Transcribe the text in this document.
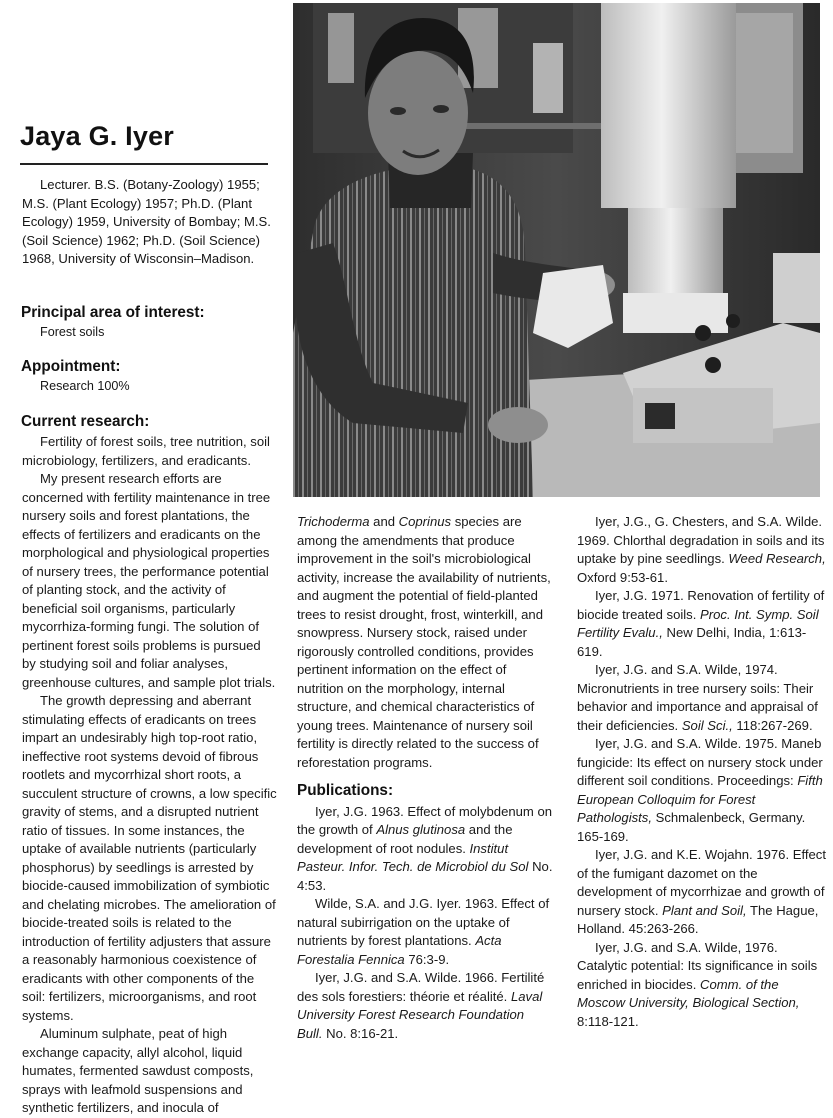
Jaya G. Iyer

Lecturer. B.S. (Botany-Zoology) 1955; M.S. (Plant Ecology) 1957; Ph.D. (Plant Ecology) 1959, University of Bombay; M.S. (Soil Science) 1962; Ph.D. (Soil Science) 1968, University of Wisconsin–Madison.

Principal area of interest:

Forest soils

Appointment:

Research 100%

Current research:

Fertility of forest soils, tree nutrition, soil microbiology, fertilizers, and eradicants.

My present research efforts are concerned with fertility maintenance in tree nursery soils and forest plantations, the effects of fertilizers and eradicants on the morphological and physiological properties of nursery trees, the performance potential of planting stock, and the activity of beneficial soil organisms, particularly mycorrhiza-forming fungi. The solution of pertinent forest soils problems is pursued by studying soil and foliar analyses, greenhouse cultures, and sample plot trials.

The growth depressing and aberrant stimulating effects of eradicants on trees impart an undesirably high top-root ratio, ineffective root systems devoid of fibrous rootlets and mycorrhizal short roots, a succulent structure of crowns, a low specific gravity of stems, and a disrupted nutrient ratio of tissues. In some instances, the uptake of available nutrients (particularly phosphorus) by seedlings is arrested by biocide-caused immobilization of symbiotic and chelating microbes. The amelioration of biocide-treated soils is related to the introduction of fertility adjusters that assure a reasonably harmonious coexistence of eradicants with other components of the soil: fertilizers, microorganisms, and root systems.

Aluminum sulphate, peat of high exchange capacity, allyl alcohol, liquid humates, fermented sawdust composts, sprays with leafmold suspensions and synthetic fertilizers, and inocula of

Trichoderma and Coprinus species are among the amendments that produce improvement in the soil's microbiological activity, increase the availability of nutrients, and augment the potential of field-planted trees to resist drought, frost, winterkill, and snowpress. Nursery stock, raised under rigorously controlled conditions, provides pertinent information on the effect of nutrition on the morphology, internal structure, and chemical characteristics of young trees. Maintenance of nursery soil fertility is directly related to the success of reforestation programs.

Publications:

Iyer, J.G. 1963. Effect of molybdenum on the growth of Alnus glutinosa and the development of root nodules. Institut Pasteur. Infor. Tech. de Microbiol du Sol No. 4:53.

Wilde, S.A. and J.G. Iyer. 1963. Effect of natural subirrigation on the uptake of nutrients by forest plantations. Acta Forestalia Fennica 76:3-9.

Iyer, J.G. and S.A. Wilde. 1966. Fertilité des sols forestiers: théorie et réalité. Laval University Forest Research Foundation Bull. No. 8:16-21.

Iyer, J.G., G. Chesters, and S.A. Wilde. 1969. Chlorthal degradation in soils and its uptake by pine seedlings. Weed Research, Oxford 9:53-61.

Iyer, J.G. 1971. Renovation of fertility of biocide treated soils. Proc. Int. Symp. Soil Fertility Evalu., New Delhi, India, 1:613-619.

Iyer, J.G. and S.A. Wilde, 1974. Micronutrients in tree nursery soils: Their behavior and importance and appraisal of their deficiencies. Soil Sci., 118:267-269.

Iyer, J.G. and S.A. Wilde. 1975. Maneb fungicide: Its effect on nursery stock under different soil conditions. Proceedings: Fifth European Colloquim for Forest Pathologists, Schmalenbeck, Germany. 165-169.

Iyer, J.G. and K.E. Wojahn. 1976. Effect of the fumigant dazomet on the development of mycorrhizae and growth of nursery stock. Plant and Soil, The Hague, Holland. 45:263-266.

Iyer, J.G. and S.A. Wilde, 1976. Catalytic potential: Its significance in soils enriched in biocides. Comm. of the Moscow University, Biological Section, 8:118-121.
